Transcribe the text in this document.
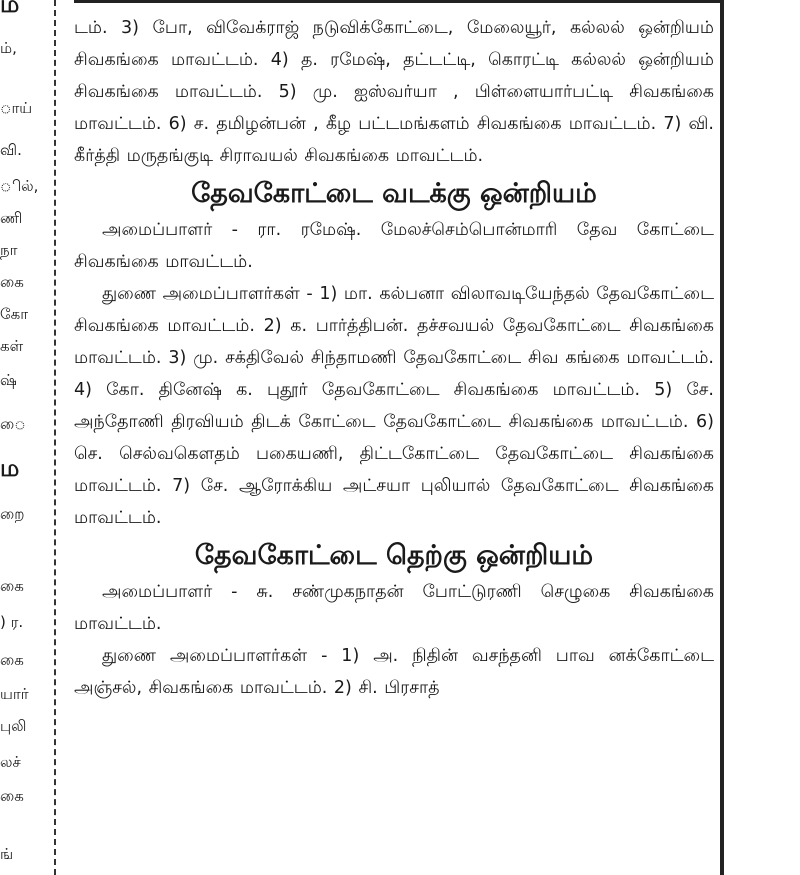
ம
ம்,
ாய்
வி.
ில்,
ணி
நா
கை
கோ
கள்
ஷ்
ம
றை
கை
) ர.
கை
யார்
புலி
லச்
கை
ங்
ை

டம். 3) போ, விவேக்ராஜ் நடுவிக்கோட்டை, மேலையூர், கல்லல் ஒன்றியம் சிவகங்கை மாவட்டம். 4) த. ரமேஷ், தட்டட்டி, கொரட்டி கல்லல் ஒன்றியம் சிவகங்கை மாவட்டம். 5) மு. ஐஸ்வர்யா , பிள்ளையார்பட்டி சிவகங்கை மாவட்டம். 6) ச. தமிழன்பன் , கீழ பட்டமங்களம் சிவகங்கை மாவட்டம். 7) வி. கீர்த்தி மருதங்குடி சிராவயல் சிவகங்கை மாவட்டம்.

தேவகோட்டை வடக்கு ஒன்றியம்

அமைப்பாளர் - ரா. ரமேஷ். மேலச்செம்பொன்மாரி தேவ கோட்டை சிவகங்கை மாவட்டம்.

துணை அமைப்பாளர்கள் - 1) மா. கல்பனா விலாவடியேந்தல் தேவகோட்டை சிவகங்கை மாவட்டம். 2) க. பார்த்திபன். தச்சவயல் தேவகோட்டை சிவகங்கை மாவட்டம். 3) மு. சக்திவேல் சிந்தாமணி தேவகோட்டை சிவ கங்கை மாவட்டம். 4) கோ. தினேஷ் க. புதூர் தேவகோட்டை சிவகங்கை மாவட்டம். 5) சே. அந்தோணி திரவியம் திடக் கோட்டை தேவகோட்டை சிவகங்கை மாவட்டம். 6) செ. செல்வகௌதம் பகையணி, திட்டகோட்டை தேவகோட்டை சிவகங்கை மாவட்டம். 7) சே. ஆரோக்கிய அட்சயா புலியால் தேவகோட்டை சிவகங்கை மாவட்டம்.

தேவகோட்டை தெற்கு ஒன்றியம்

அமைப்பாளர் - சு. சண்முகநாதன் போட்டுரணி செழுகை சிவகங்கை மாவட்டம்.

துணை அமைப்பாளர்கள் - 1) அ. நிதின் வசந்தனி பாவ னக்கோட்டை அஞ்சல், சிவகங்கை மாவட்டம். 2) சி. பிரசாத்
